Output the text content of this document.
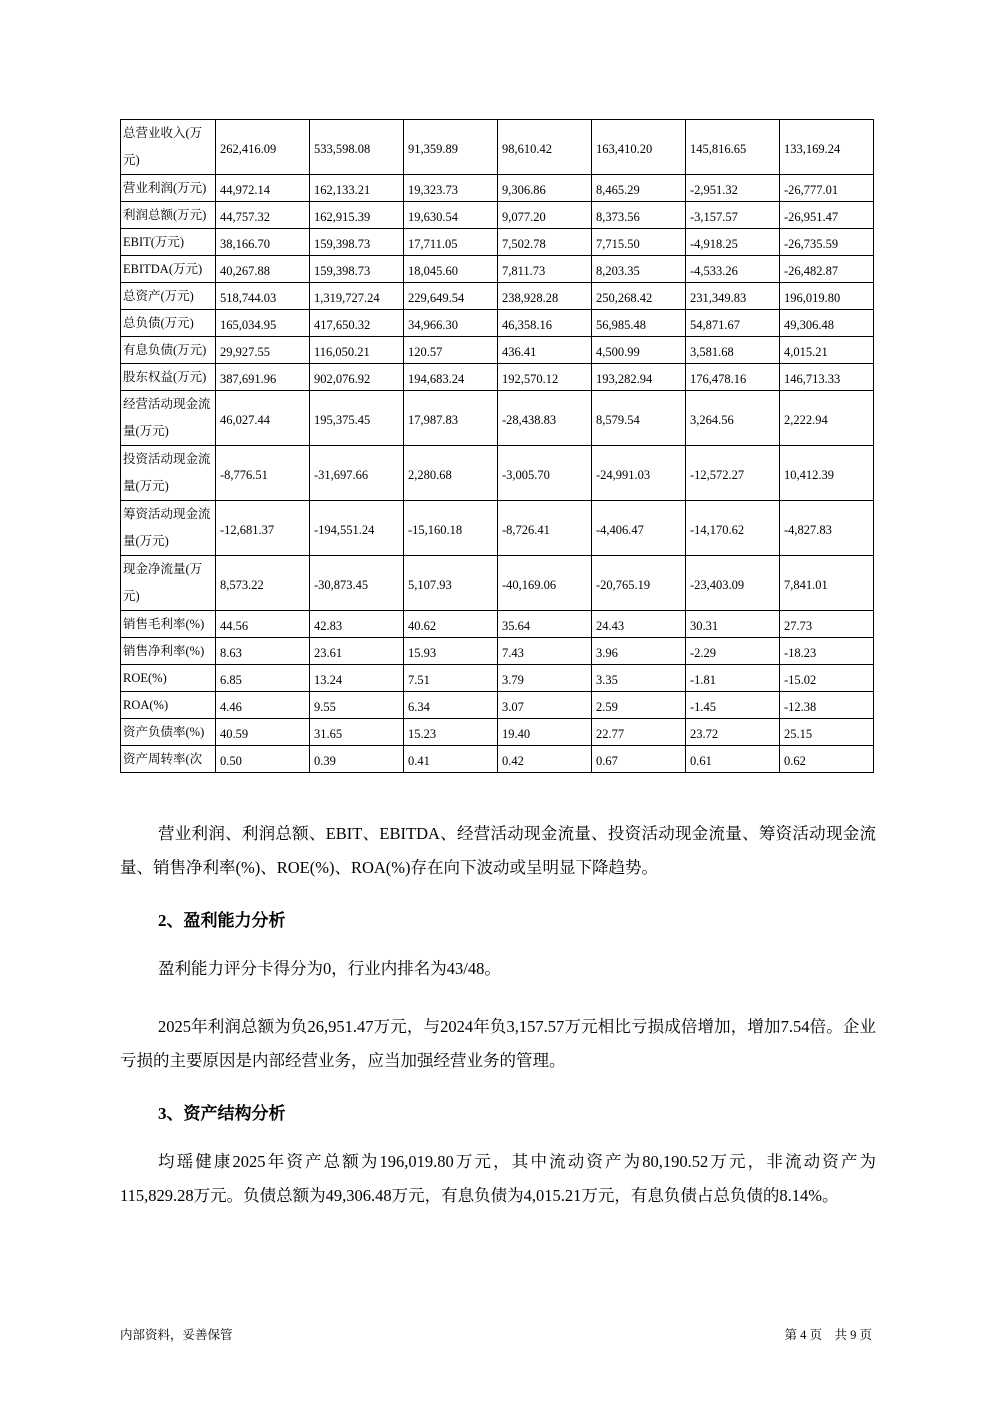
总营业收入(万元)	262,416.09	533,598.08	91,359.89	98,610.42	163,410.20	145,816.65	133,169.24
营业利润(万元)	44,972.14	162,133.21	19,323.73	9,306.86	8,465.29	-2,951.32	-26,777.01
利润总额(万元)	44,757.32	162,915.39	19,630.54	9,077.20	8,373.56	-3,157.57	-26,951.47
EBIT(万元)	38,166.70	159,398.73	17,711.05	7,502.78	7,715.50	-4,918.25	-26,735.59
EBITDA(万元)	40,267.88	159,398.73	18,045.60	7,811.73	8,203.35	-4,533.26	-26,482.87
总资产(万元)	518,744.03	1,319,727.24	229,649.54	238,928.28	250,268.42	231,349.83	196,019.80
总负债(万元)	165,034.95	417,650.32	34,966.30	46,358.16	56,985.48	54,871.67	49,306.48
有息负债(万元)	29,927.55	116,050.21	120.57	436.41	4,500.99	3,581.68	4,015.21
股东权益(万元)	387,691.96	902,076.92	194,683.24	192,570.12	193,282.94	176,478.16	146,713.33
经营活动现金流量(万元)	46,027.44	195,375.45	17,987.83	-28,438.83	8,579.54	3,264.56	2,222.94
投资活动现金流量(万元)	-8,776.51	-31,697.66	2,280.68	-3,005.70	-24,991.03	-12,572.27	10,412.39
筹资活动现金流量(万元)	-12,681.37	-194,551.24	-15,160.18	-8,726.41	-4,406.47	-14,170.62	-4,827.83
现金净流量(万元)	8,573.22	-30,873.45	5,107.93	-40,169.06	-20,765.19	-23,403.09	7,841.01
销售毛利率(%)	44.56	42.83	40.62	35.64	24.43	30.31	27.73
销售净利率(%)	8.63	23.61	15.93	7.43	3.96	-2.29	-18.23
ROE(%)	6.85	13.24	7.51	3.79	3.35	-1.81	-15.02
ROA(%)	4.46	9.55	6.34	3.07	2.59	-1.45	-12.38
资产负债率(%)	40.59	31.65	15.23	19.40	22.77	23.72	25.15
资产周转率(次	0.50	0.39	0.41	0.42	0.67	0.61	0.62

营业利润、利润总额、EBIT、EBITDA、经营活动现金流量、投资活动现金流量、筹资活动现金流量、销售净利率(%)、ROE(%)、ROA(%)存在向下波动或呈明显下降趋势。

2、盈利能力分析

盈利能力评分卡得分为0，行业内排名为43/48。

2025年利润总额为负26,951.47万元，与2024年负3,157.57万元相比亏损成倍增加，增加7.54倍。企业亏损的主要原因是内部经营业务，应当加强经营业务的管理。

3、资产结构分析

均瑶健康2025年资产总额为196,019.80万元，其中流动资产为80,190.52万元，非流动资产为115,829.28万元。负债总额为49,306.48万元，有息负债为4,015.21万元，有息负债占总负债的8.14%。

内部资料，妥善保管	第 4 页　共 9 页
